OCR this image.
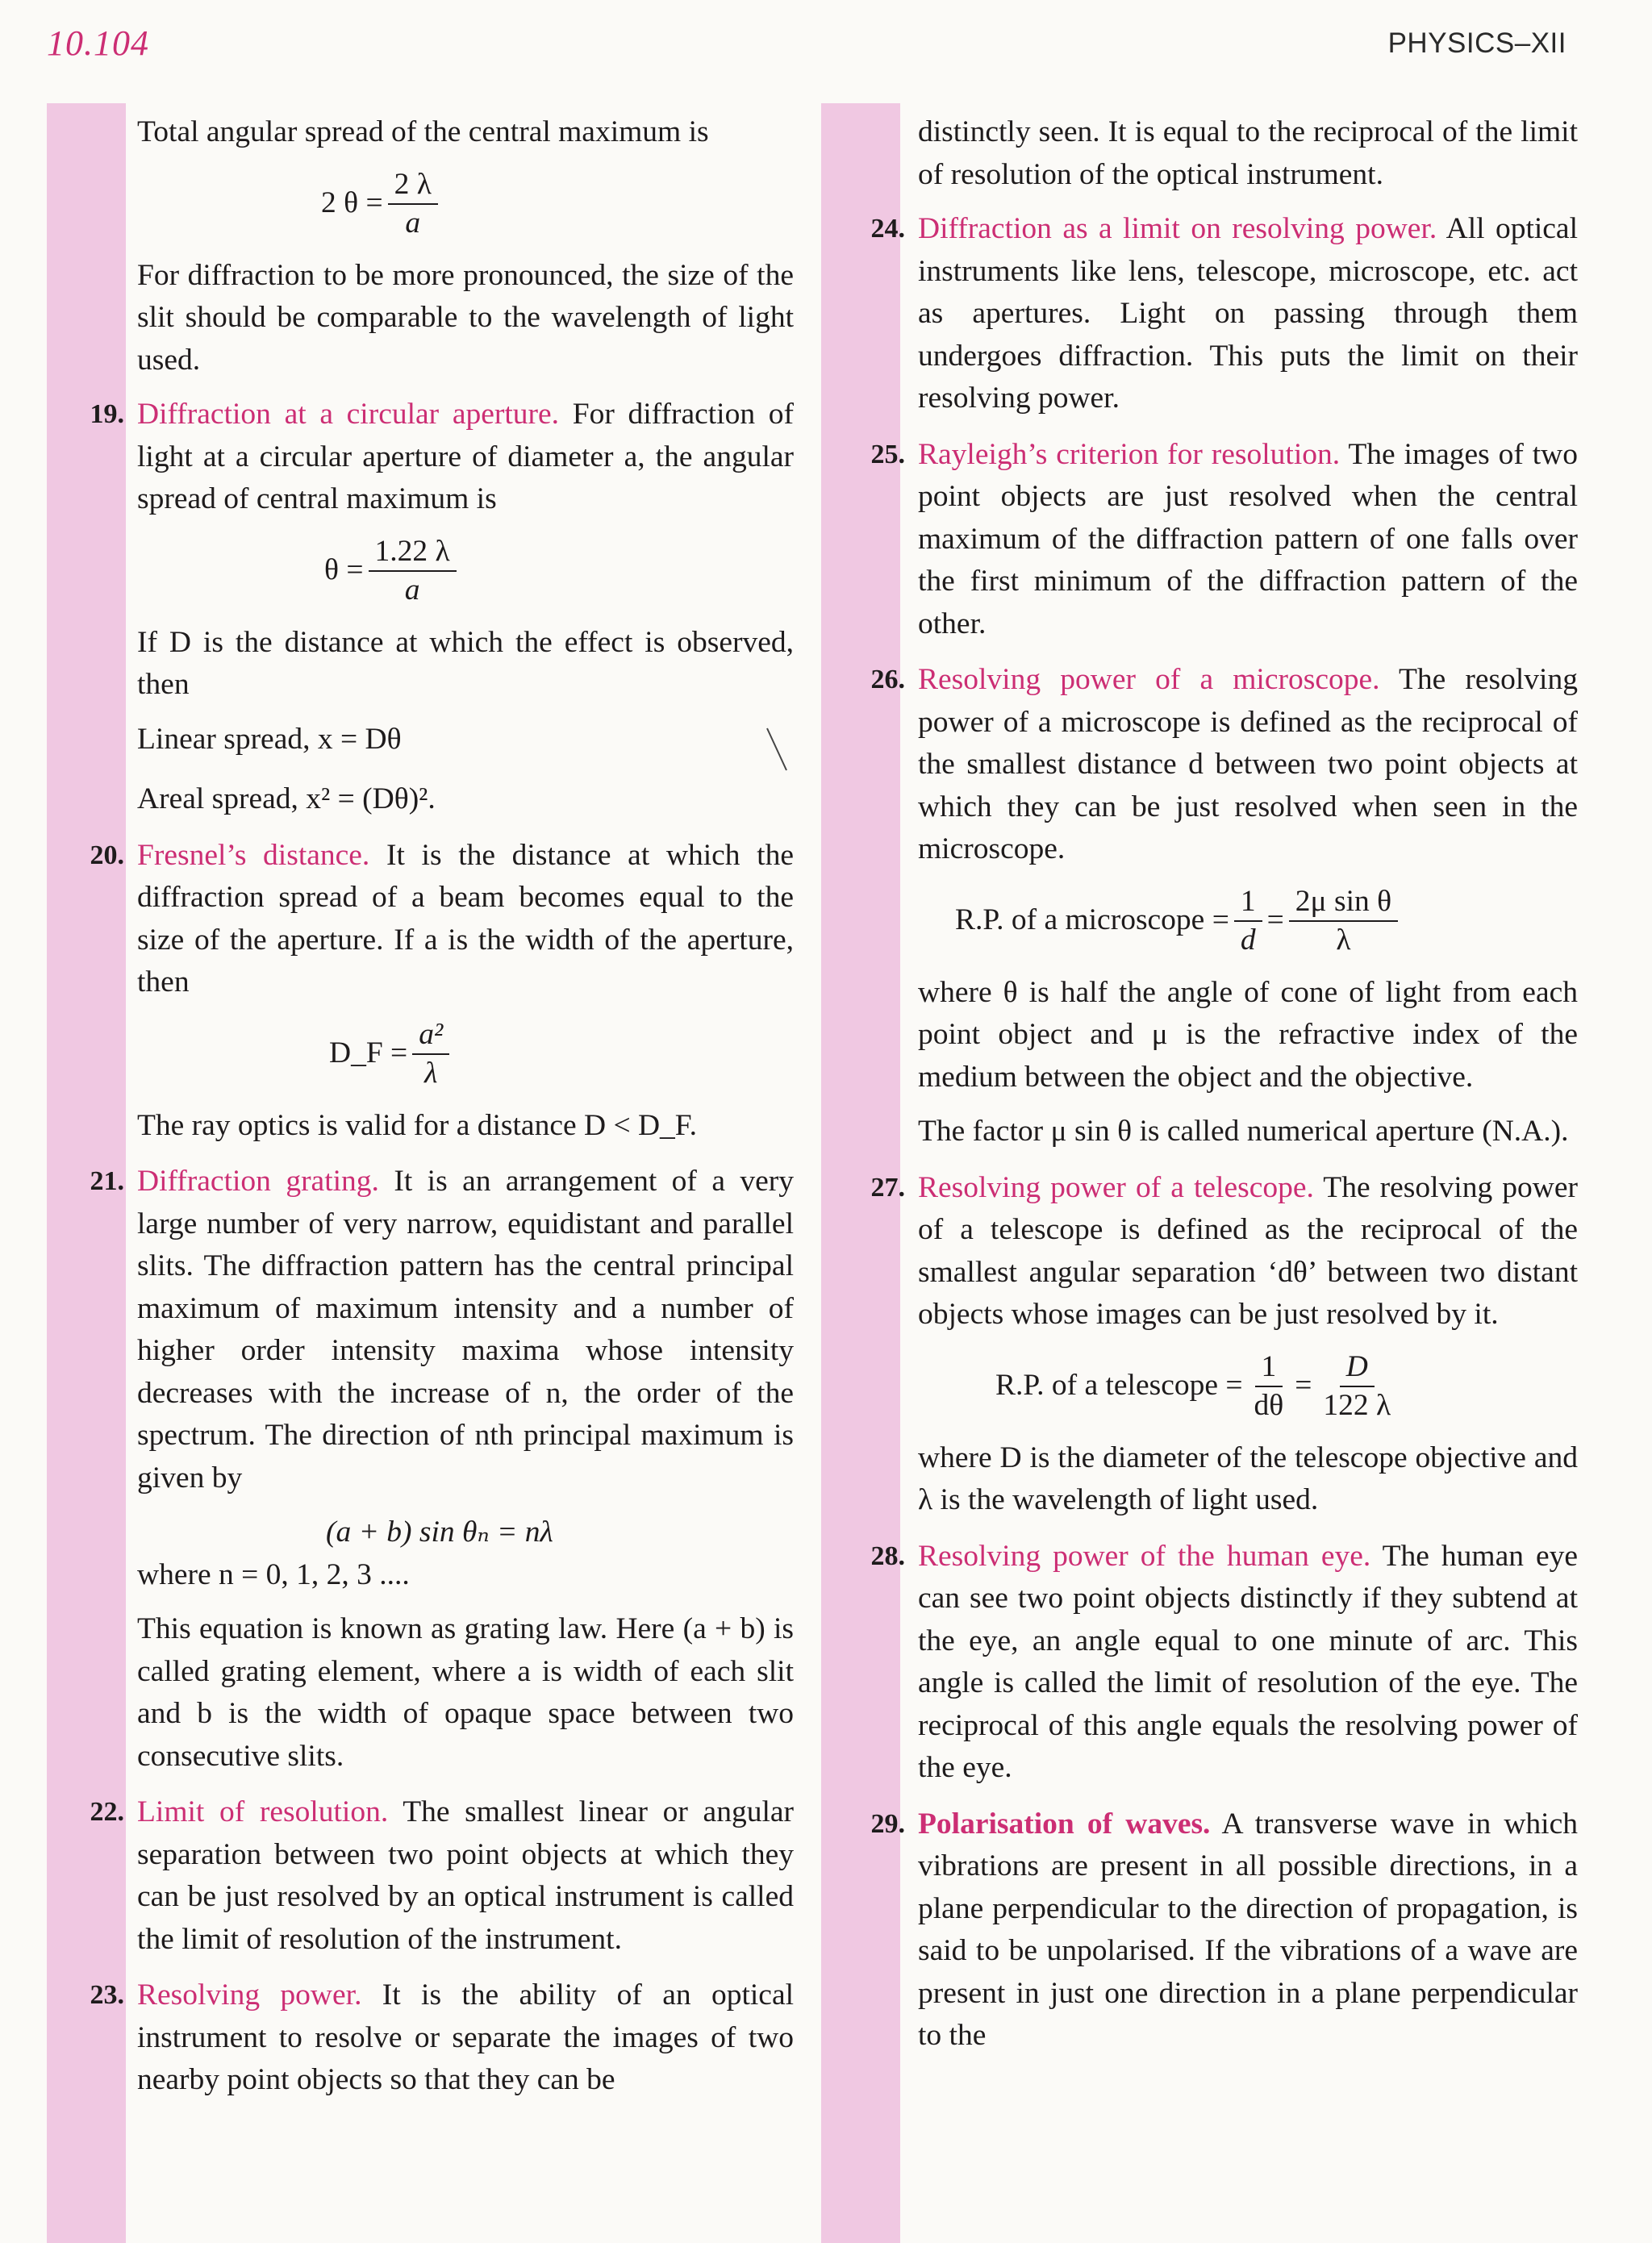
10.104	PHYSICS–XII

Total angular spread of the central maximum is

2 $\theta = \frac{2 \lambda}{a}$

For diffraction to be more pronounced, the size of the slit should be comparable to the wavelength of light used.

19. Diffraction at a circular aperture. For diffraction of light at a circular aperture of diameter a, the angular spread of central maximum is

$\theta = \frac{1.22 \lambda}{a}$

If D is the distance at which the effect is observed, then

Linear spread, x = Dθ

Areal spread, x² = (Dθ)².

20. Fresnel’s distance. It is the distance at which the diffraction spread of a beam becomes equal to the size of the aperture. If a is the width of the aperture, then

D_F = $\frac{\text{a²}}{\lambda}$

The ray optics is valid for a distance D < D_F.

21. Diffraction grating. It is an arrangement of a very large number of very narrow, equidistant and parallel slits. The diffraction pattern has the central principal maximum of maximum intensity and a number of higher order intensity maxima whose intensity decreases with the increase of n, the order of the spectrum. The direction of nth principal maximum is given by

(a + b) sin θₙ = nλ

where n = 0, 1, 2, 3 ....

This equation is known as grating law. Here (a + b) is called grating element, where a is width of each slit and b is the width of opaque space between two consecutive slits.

22. Limit of resolution. The smallest linear or angular separation between two point objects at which they can be just resolved by an optical instrument is called the limit of resolution of the instrument.

23. Resolving power. It is the ability of an optical instrument to resolve or separate the images of two nearby point objects so that they can be

distinctly seen. It is equal to the reciprocal of the limit of resolution of the optical instrument.

24. Diffraction as a limit on resolving power. All optical instruments like lens, telescope, microscope, etc. act as apertures. Light on passing through them undergoes diffraction. This puts the limit on their resolving power.

25. Rayleigh’s criterion for resolution. The images of two point objects are just resolved when the central maximum of the diffraction pattern of one falls over the first minimum of the diffraction pattern of the other.

26. Resolving power of a microscope. The resolving power of a microscope is defined as the reciprocal of the smallest distance d between two point objects at which they can be just resolved when seen in the microscope.

R.P. of a microscope = $\frac{1}{d} = \frac{\text{2μ sin θ}}{\lambda}$

where θ is half the angle of cone of light from each point object and μ is the refractive index of the medium between the object and the objective.

The factor μ sin θ is called numerical aperture (N.A.).

27. Resolving power of a telescope. The resolving power of a telescope is defined as the reciprocal of the smallest angular separation ‘dθ’ between two distant objects whose images can be just resolved by it.

R.P. of a telescope = $\frac{1}{d\theta} = \frac{D}{122 \lambda}$

where D is the diameter of the telescope objective and λ is the wavelength of light used.

28. Resolving power of the human eye. The human eye can see two point objects distinctly if they subtend at the eye, an angle equal to one minute of arc. This angle is called the limit of resolution of the eye. The reciprocal of this angle equals the resolving power of the eye.

29. Polarisation of waves. A transverse wave in which vibrations are present in all possible directions, in a plane perpendicular to the direction of propagation, is said to be unpolarised. If the vibrations of a wave are present in just one direction in a plane perpendicular to the
